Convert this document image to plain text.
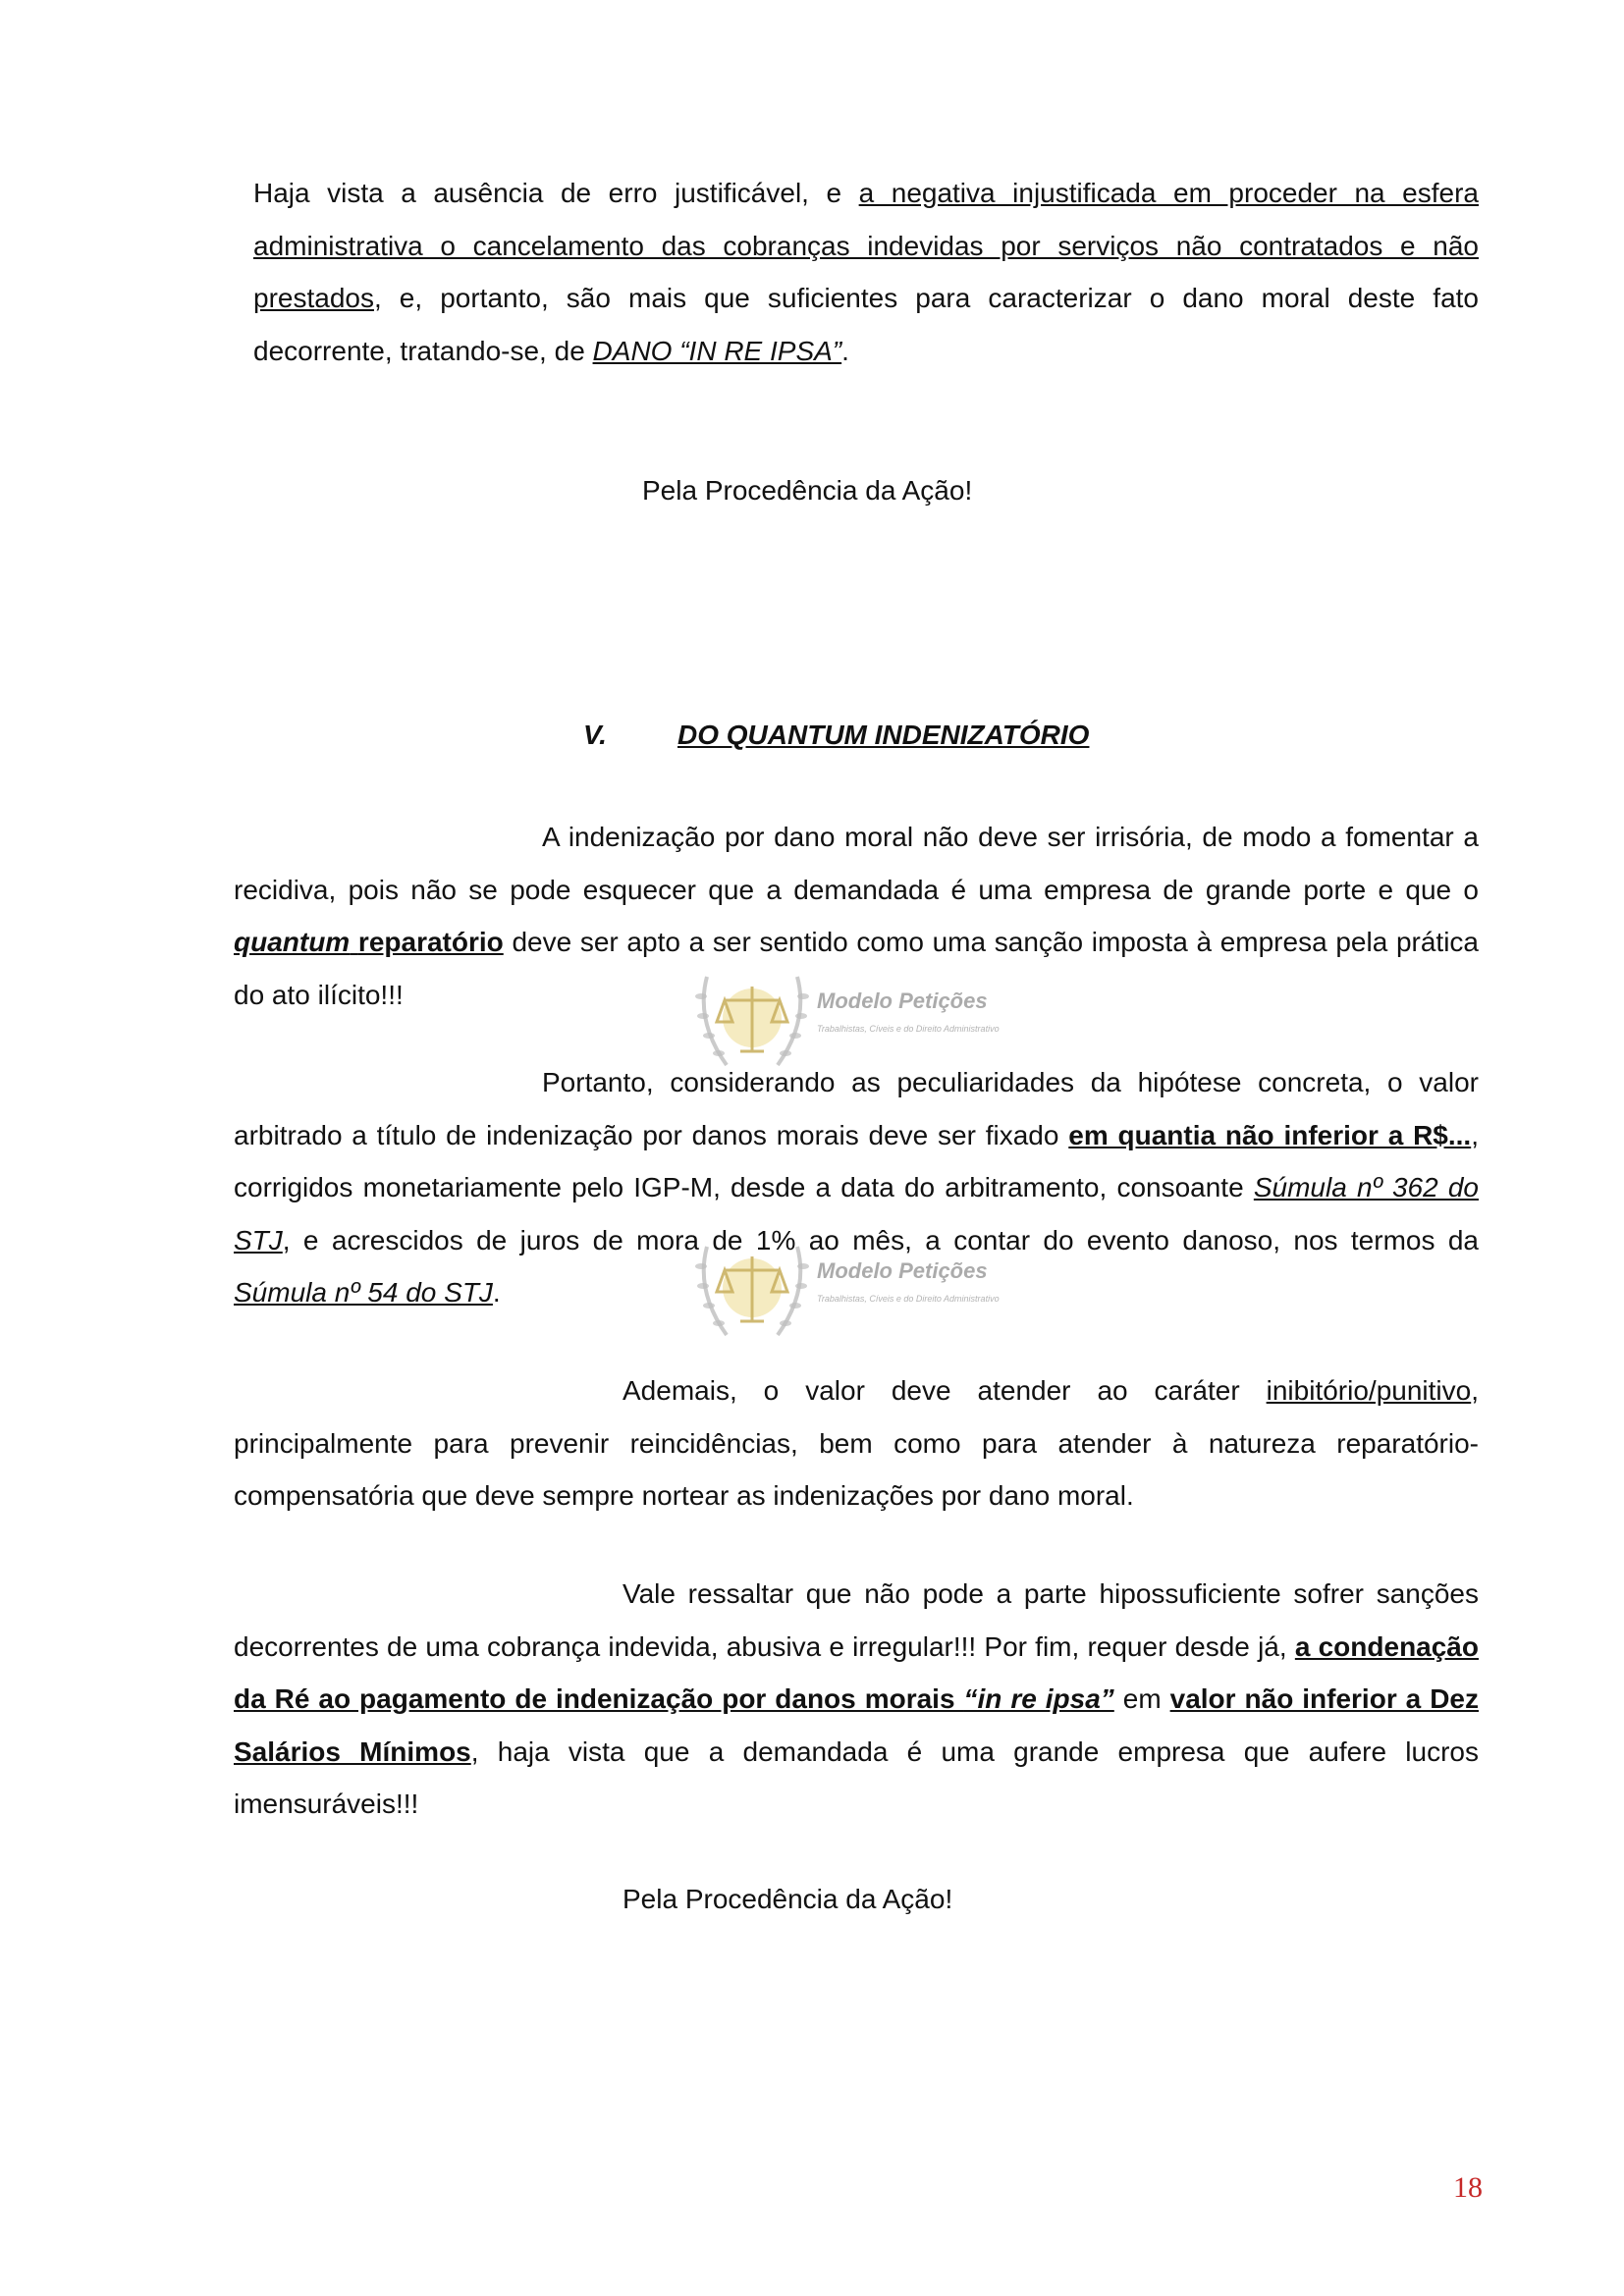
Haja vista a ausência de erro justificável, e a negativa injustificada em proceder na esfera administrativa o cancelamento das cobranças indevidas por serviços não contratados e não prestados, e, portanto, são mais que suficientes para caracterizar o dano moral deste fato decorrente, tratando-se, de DANO “IN RE IPSA”.

Pela Procedência da Ação!
V.	DO QUANTUM INDENIZATÓRIO

A indenização por dano moral não deve ser irrisória, de modo a fomentar a recidiva, pois não se pode esquecer que a demandada é uma empresa de grande porte e que o quantum reparatório deve ser apto a ser sentido como uma sanção imposta à empresa pela prática do ato ilícito!!!

Portanto, considerando as peculiaridades da hipótese concreta, o valor arbitrado a título de indenização por danos morais deve ser fixado em quantia não inferior a R$..., corrigidos monetariamente pelo IGP-M, desde a data do arbitramento, consoante Súmula nº 362 do STJ, e acrescidos de juros de mora de 1% ao mês, a contar do evento danoso, nos termos da Súmula nº 54 do STJ.

Ademais, o valor deve atender ao caráter inibitório/punitivo, principalmente para prevenir reincidências, bem como para atender à natureza reparatório-compensatória que deve sempre nortear as indenizações por dano moral.

Vale ressaltar que não pode a parte hipossuficiente sofrer sanções decorrentes de uma cobrança indevida, abusiva e irregular!!! Por fim, requer desde já, a condenação da Ré ao pagamento de indenização por danos morais “in re ipsa” em valor não inferior a Dez Salários Mínimos, haja vista que a demandada é uma grande empresa que aufere lucros imensuráveis!!!

Pela Procedência da Ação!
Modelo Petições
Trabalhistas, Cíveis e do Direito Administrativo
Modelo Petições
Trabalhistas, Cíveis e do Direito Administrativo
18
